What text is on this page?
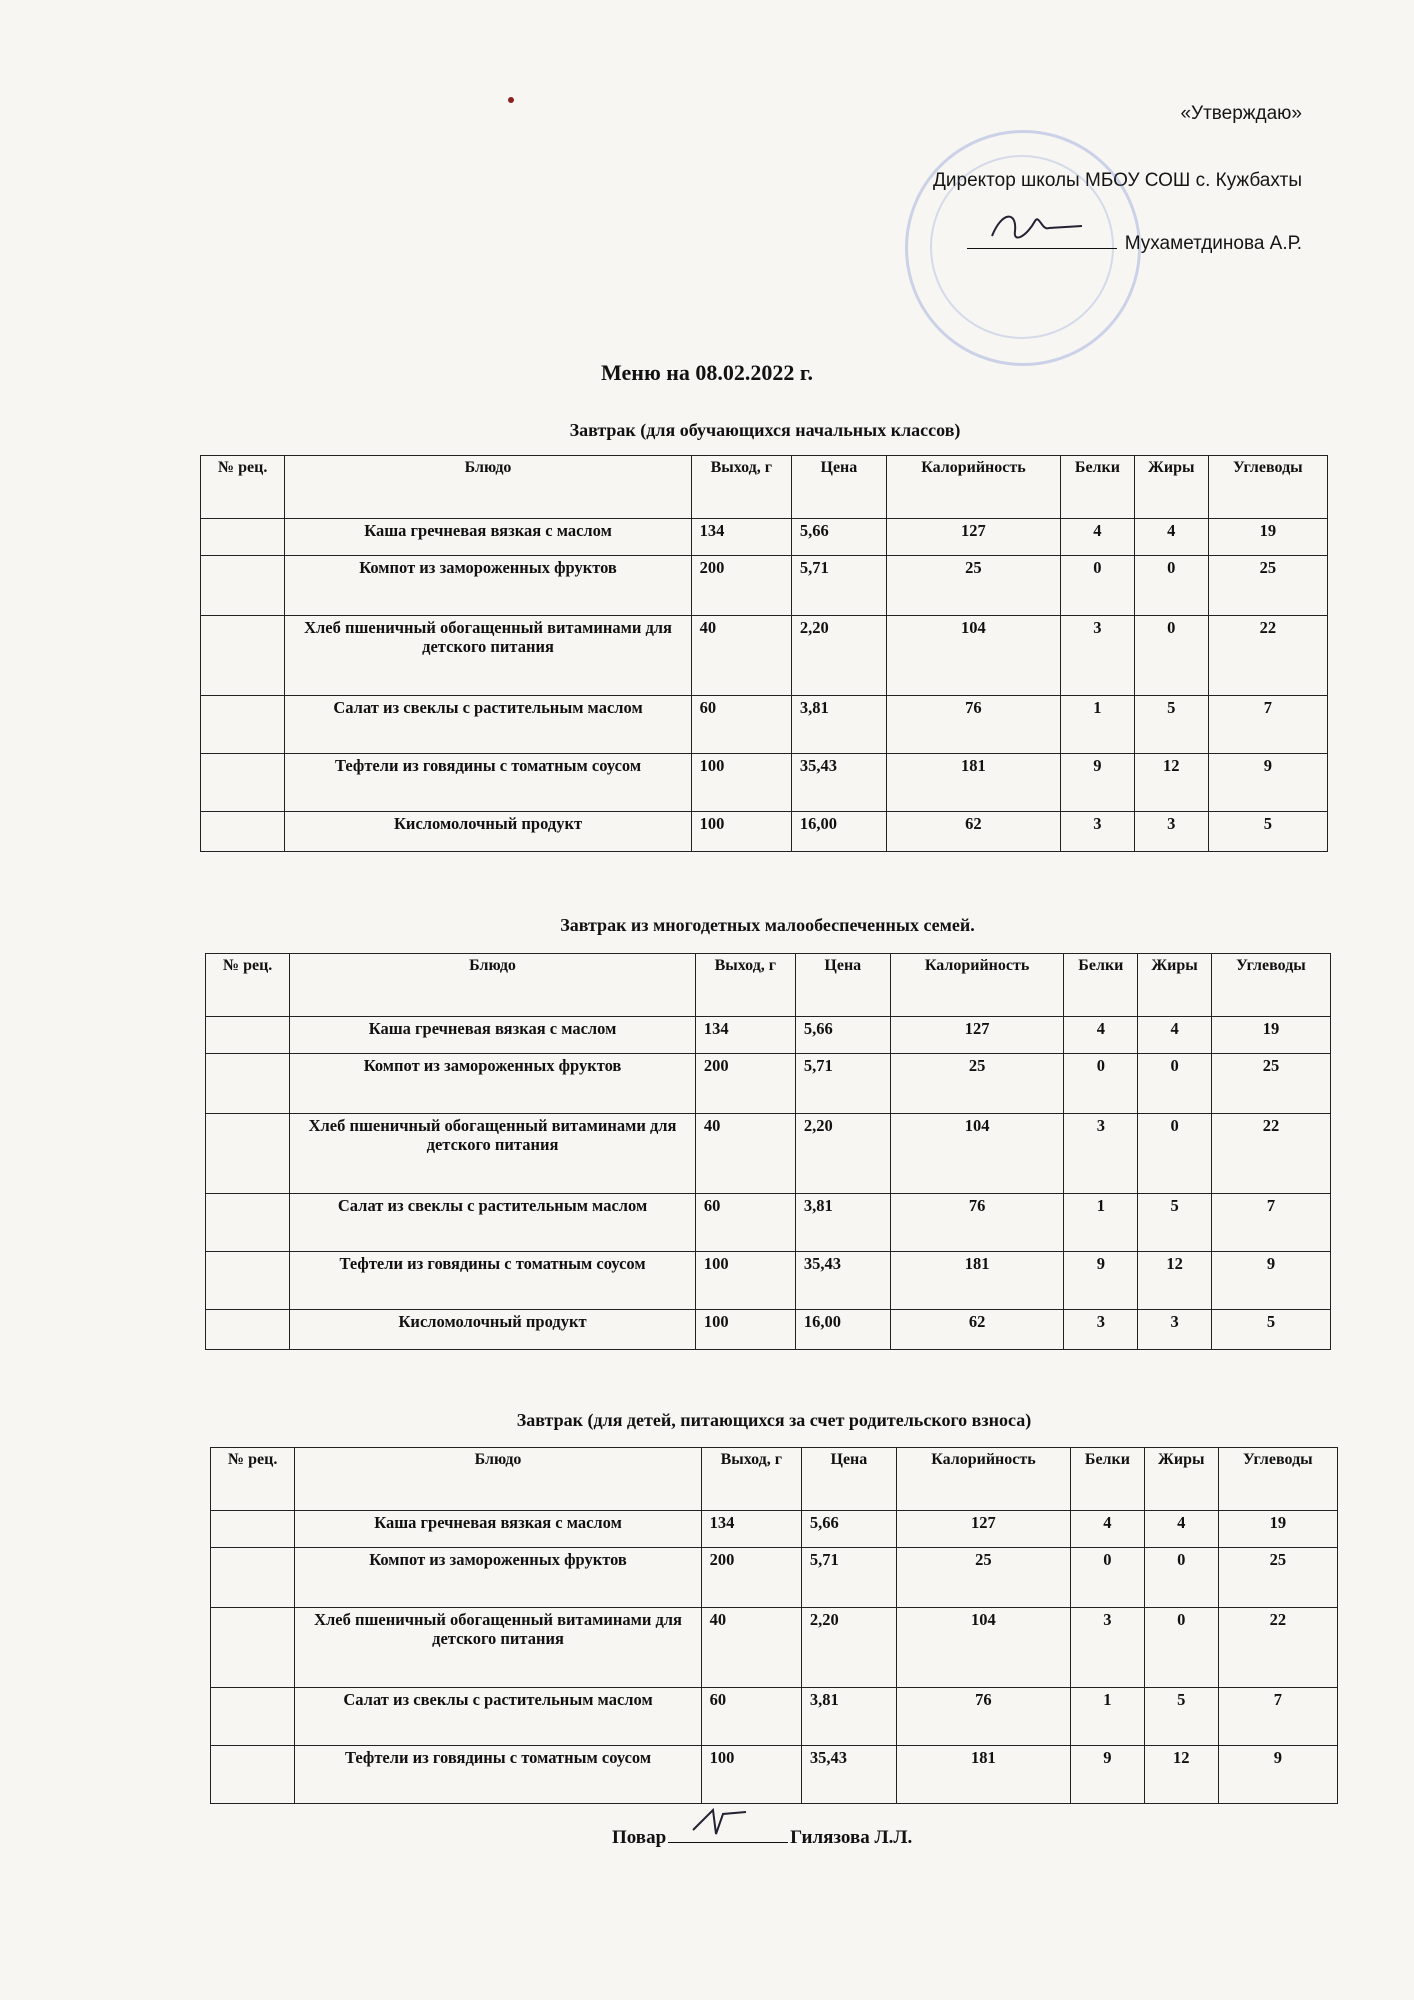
«Утверждаю»
Директор школы МБОУ СОШ с. Кужбахты
Мухаметдинова А.Р.
Меню на 08.02.2022 г.
Завтрак (для обучающихся начальных классов)
№ рец.	Блюдо	Выход, г	Цена	Калорийность	Белки	Жиры	Углеводы
	Каша гречневая вязкая с маслом	134	5,66	127	4	4	19
	Компот из замороженных фруктов	200	5,71	25	0	0	25
	Хлеб пшеничный обогащенный витаминами для детского питания	40	2,20	104	3	0	22
	Салат из свеклы с растительным маслом	60	3,81	76	1	5	7
	Тефтели из говядины с томатным соусом	100	35,43	181	9	12	9
	Кисломолочный продукт	100	16,00	62	3	3	5
Завтрак из многодетных малообеспеченных семей.
№ рец.	Блюдо	Выход, г	Цена	Калорийность	Белки	Жиры	Углеводы
	Каша гречневая вязкая с маслом	134	5,66	127	4	4	19
	Компот из замороженных фруктов	200	5,71	25	0	0	25
	Хлеб пшеничный обогащенный витаминами для детского питания	40	2,20	104	3	0	22
	Салат из свеклы с растительным маслом	60	3,81	76	1	5	7
	Тефтели из говядины с томатным соусом	100	35,43	181	9	12	9
	Кисломолочный продукт	100	16,00	62	3	3	5
Завтрак (для детей, питающихся за счет родительского взноса)
№ рец.	Блюдо	Выход, г	Цена	Калорийность	Белки	Жиры	Углеводы
	Каша гречневая вязкая с маслом	134	5,66	127	4	4	19
	Компот из замороженных фруктов	200	5,71	25	0	0	25
	Хлеб пшеничный обогащенный витаминами для детского питания	40	2,20	104	3	0	22
	Салат из свеклы с растительным маслом	60	3,81	76	1	5	7
	Тефтели из говядины с томатным соусом	100	35,43	181	9	12	9
Повар	Гилязова Л.Л.
